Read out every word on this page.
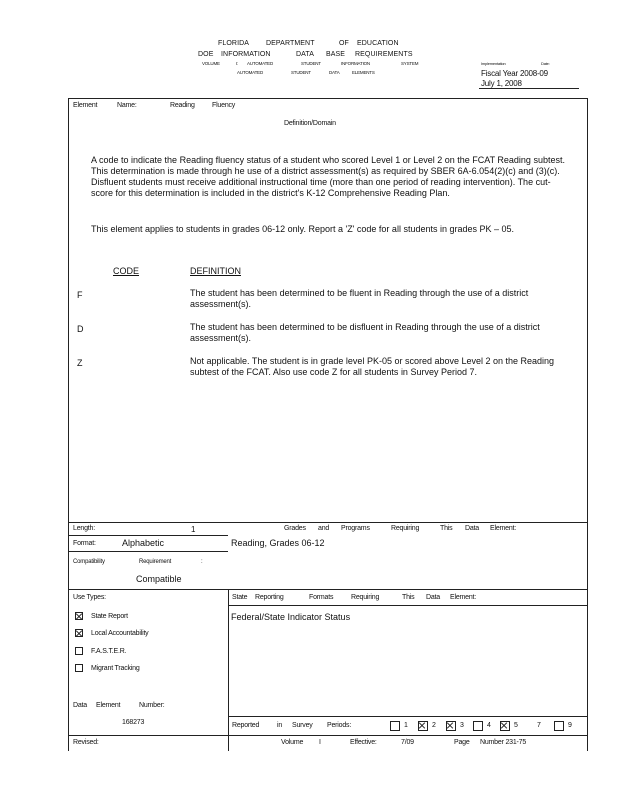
FLORIDA DEPARTMENT	OF EDUCATION
DOE INFORMATION	DATA BASE REQUIREMENTS
VOLUME	I: AUTOMATED	STUDENT	INFORMATION	SYSTEM
AUTOMATED	STUDENT	DATA	ELEMENTS
Implementation	Date:
Fiscal Year 2008-09
July 1, 2008
Element	Name:	Reading Fluency
Definition/Domain
A code to indicate the Reading fluency status of a student who scored Level 1 or Level 2 on the FCAT Reading subtest. This determination is made through he use of a district assessment(s) as required by SBER 6A-6.054(2)(c) and (3)(c). Disfluent students must receive additional instructional time (more than one period of reading intervention). The cut-score for this determination is included in the district's K-12 Comprehensive Reading Plan.
This element applies to students in grades 06-12 only. Report a 'Z' code for all students in grades PK – 05.
CODE	DEFINITION
F	The student has been determined to be fluent in Reading through the use of a district assessment(s).
D	The student has been determined to be disfluent in Reading through the use of a district assessment(s).
Z	Not applicable. The student is in grade level PK-05 or scored above Level 2 on the Reading subtest of the FCAT. Also use code Z for all students in Survey Period 7.
Length:	1	Grades and Programs	Requiring	This Data Element:
Format:	Alphabetic	Reading, Grades 06-12
Compatibility	Requirement	:
Compatible
Use Types:	State Reporting	Formats	Requiring	This Data Element:
Federal/State Indicator Status
State Report
Local Accountability
F.A.S.T.E.R.
Migrant Tracking
Data Element	Number:
168273	Reported	in Survey Periods:	1	2	3	4	5	7	9
Revised:	Volume I	Effective:	7/09	Page Number 231-75
